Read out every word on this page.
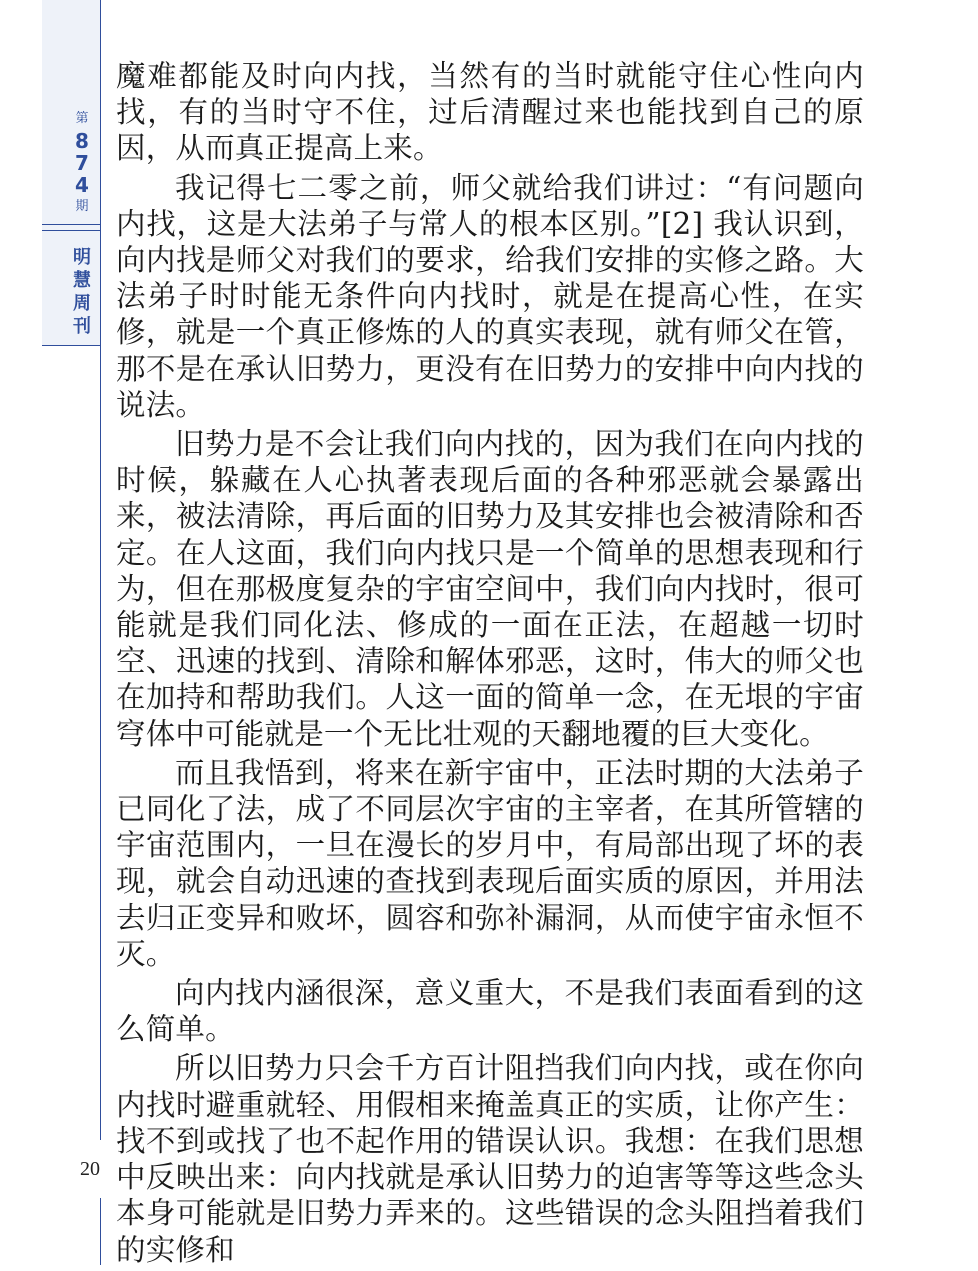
第
8
7
4
期
明
慧
周
刊
20

魔难都能及时向内找，当然有的当时就能守住心性向内找，有的当时守不住，过后清醒过来也能找到自己的原因，从而真正提高上来。

我记得七二零之前，师父就给我们讲过：“有问题向内找，这是大法弟子与常人的根本区别。”[2] 我认识到，向内找是师父对我们的要求，给我们安排的实修之路。大法弟子时时能无条件向内找时，就是在提高心性，在实修，就是一个真正修炼的人的真实表现，就有师父在管，那不是在承认旧势力，更没有在旧势力的安排中向内找的说法。

旧势力是不会让我们向内找的，因为我们在向内找的时候，躲藏在人心执著表现后面的各种邪恶就会暴露出来，被法清除，再后面的旧势力及其安排也会被清除和否定。在人这面，我们向内找只是一个简单的思想表现和行为，但在那极度复杂的宇宙空间中，我们向内找时，很可能就是我们同化法、修成的一面在正法，在超越一切时空、迅速的找到、清除和解体邪恶，这时，伟大的师父也在加持和帮助我们。人这一面的简单一念，在无垠的宇宙穹体中可能就是一个无比壮观的天翻地覆的巨大变化。

而且我悟到，将来在新宇宙中，正法时期的大法弟子已同化了法，成了不同层次宇宙的主宰者，在其所管辖的宇宙范围内，一旦在漫长的岁月中，有局部出现了坏的表现，就会自动迅速的查找到表现后面实质的原因，并用法去归正变异和败坏，圆容和弥补漏洞，从而使宇宙永恒不灭。

向内找内涵很深，意义重大，不是我们表面看到的这么简单。

所以旧势力只会千方百计阻挡我们向内找，或在你向内找时避重就轻、用假相来掩盖真正的实质，让你产生：找不到或找了也不起作用的错误认识。我想：在我们思想中反映出来：向内找就是承认旧势力的迫害等等这些念头本身可能就是旧势力弄来的。这些错误的念头阻挡着我们的实修和
